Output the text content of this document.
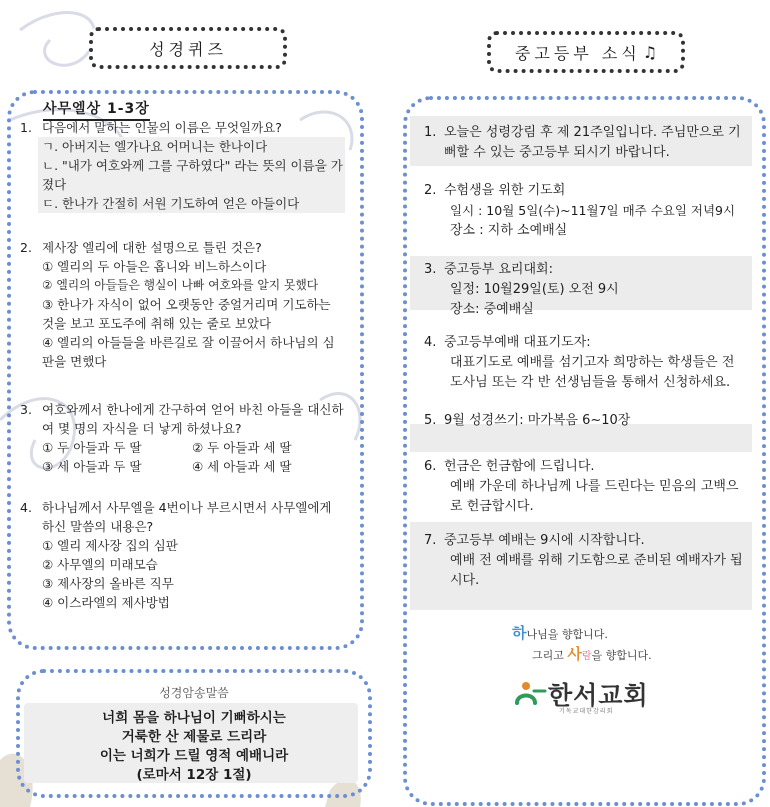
성경퀴즈	중고등부 소식 ♫
사무엘상 1-3장
1. 다음에서 말하는 인물의 이름은 무엇일까요?
ㄱ. 아버지는 엘가나요 어머니는 한나이다
ㄴ. "내가 여호와께 그를 구하였다" 라는 뜻의 이름을 가졌다
ㄷ. 한나가 간절히 서원 기도하여 얻은 아들이다
2. 제사장 엘리에 대한 설명으로 틀린 것은?
① 엘리의 두 아들은 홉니와 비느하스이다
② 엘리의 아들들은 행실이 나빠 여호와를 알지 못했다
③ 한나가 자식이 없어 오랫동안 중얼거리며 기도하는 것을 보고 포도주에 취해 있는 줄로 보았다
④ 엘리의 아들들을 바른길로 잘 이끌어서 하나님의 심판을 면했다
3. 여호와께서 한나에게 간구하여 얻어 바친 아들을 대신하여 몇 명의 자식을 더 낳게 하셨나요?
① 두 아들과 두 딸	② 두 아들과 세 딸
③ 세 아들과 두 딸	④ 세 아들과 세 딸
4. 하나님께서 사무엘을 4번이나 부르시면서 사무엘에게 하신 말씀의 내용은?
① 엘리 제사장 집의 심판
② 사무엘의 미래모습
③ 제사장의 올바른 직무
④ 이스라엘의 제사방법
성경암송말씀
너희 몸을 하나님이 기뻐하시는
거룩한 산 제물로 드리라
이는 너희가 드릴 영적 예배니라
(로마서 12장 1절)
1. 오늘은 성령강림 후 제 21주일입니다. 주님만으로 기뻐할 수 있는 중고등부 되시기 바랍니다.
2. 수험생을 위한 기도회
일시 : 10월 5일(수)~11월7일 매주 수요일 저녁9시
장소 : 지하 소예배실
3. 중고등부 요리대회:
일정: 10월29일(토) 오전 9시
장소: 중예배실
4. 중고등부예배 대표기도자:
대표기도로 예배를 섬기고자 희망하는 학생들은 전도사님 또는 각 반 선생님들을 통해서 신청하세요.
5. 9월 성경쓰기: 마가복음 6~10장
6. 헌금은 헌금함에 드립니다.
예배 가운데 하나님께 나를 드린다는 믿음의 고백으로 헌금합시다.
7. 중고등부 예배는 9시에 시작합니다.
예배 전 예배를 위해 기도함으로 준비된 예배자가 됩시다.
하나님을 향합니다.
그리고 사람을 향합니다.
한서교회
기독교대한감리회
